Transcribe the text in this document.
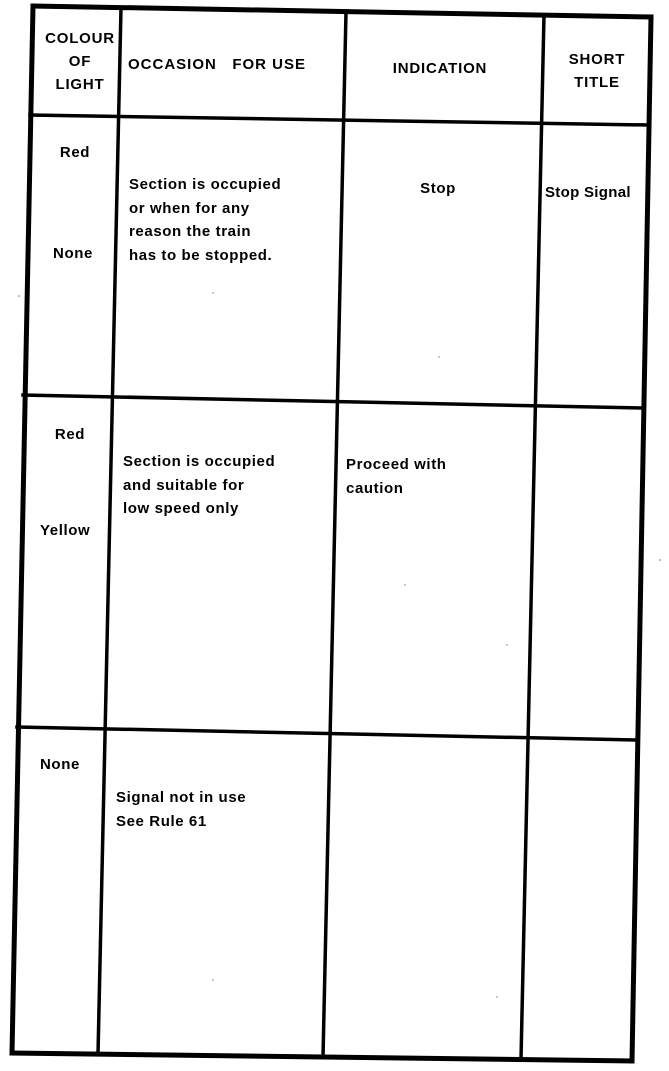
COLOUR
OF
LIGHT
OCCASION   FOR USE	INDICATION
SHORT
TITLE
Red
None
Section is occupied
or when for any
reason the train
has to be stopped.
Stop	Stop Signal
Red
Yellow
Section is occupied
and suitable for
low speed only
Proceed with
caution
None
Signal not in use
See Rule 61
